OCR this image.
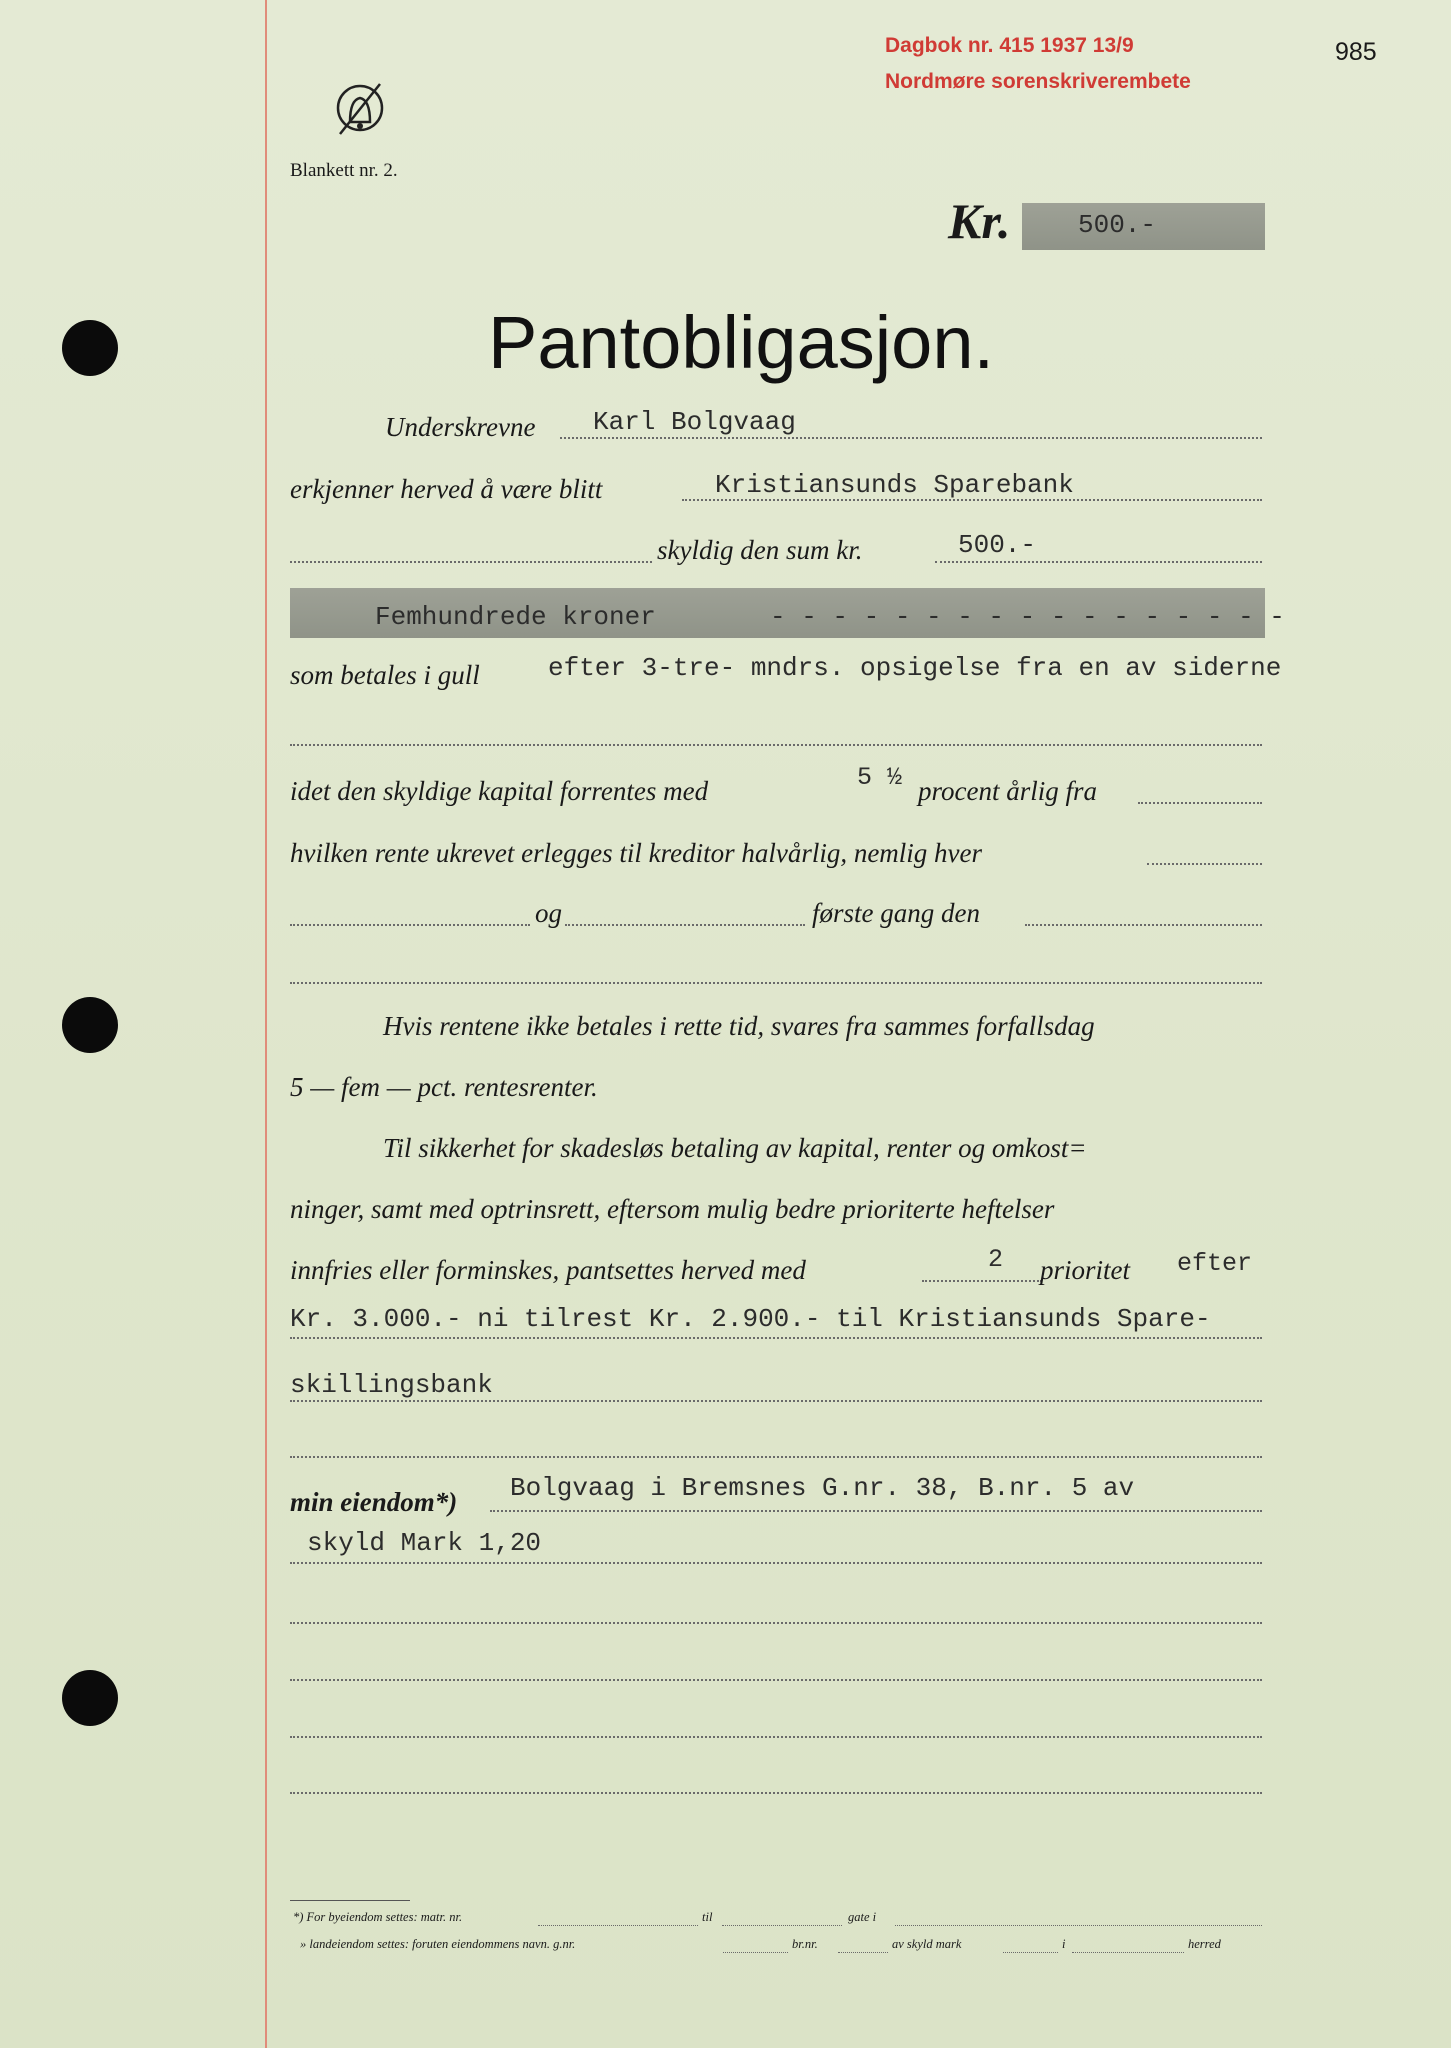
Dagbok nr. 415 1937 13/9
Nordmøre sorenskriverembete
985
Blankett nr. 2.
Kr.	500.-
Pantobligasjon.
Underskrevne Karl Bolgvaag
erkjenner herved å være blitt	Kristiansunds Sparebank
skyldig den sum kr.	500.-
Femhundrede kroner	- - - - - - - - - - - - - - - - -
som betales i gull	efter 3-tre- mndrs. opsigelse fra en av siderne
idet den skyldige kapital forrentes med	5 ½ procent årlig fra
hvilken rente ukrevet erlegges til kreditor halvårlig, nemlig hver
og	første gang den
Hvis rentene ikke betales i rette tid, svares fra sammes forfallsdag
5 — fem — pct. rentesrenter.
Til sikkerhet for skadesløs betaling av kapital, renter og omkost=
ninger, samt med optrinsrett, eftersom mulig bedre prioriterte heftelser
innfries eller forminskes, pantsettes herved med	2 prioritet efter
Kr. 3.000.- ni tilrest Kr. 2.900.- til Kristiansunds Spare-
skillingsbank
min eiendom*) Bolgvaag i Bremsnes G.nr. 38, B.nr. 5 av
skyld Mark 1,20
*) For byeiendom settes: matr. nr.	til	gate i
» landeiendom settes: foruten eiendommens navn. g.nr.	br.nr.	av skyld mark	i	herred
